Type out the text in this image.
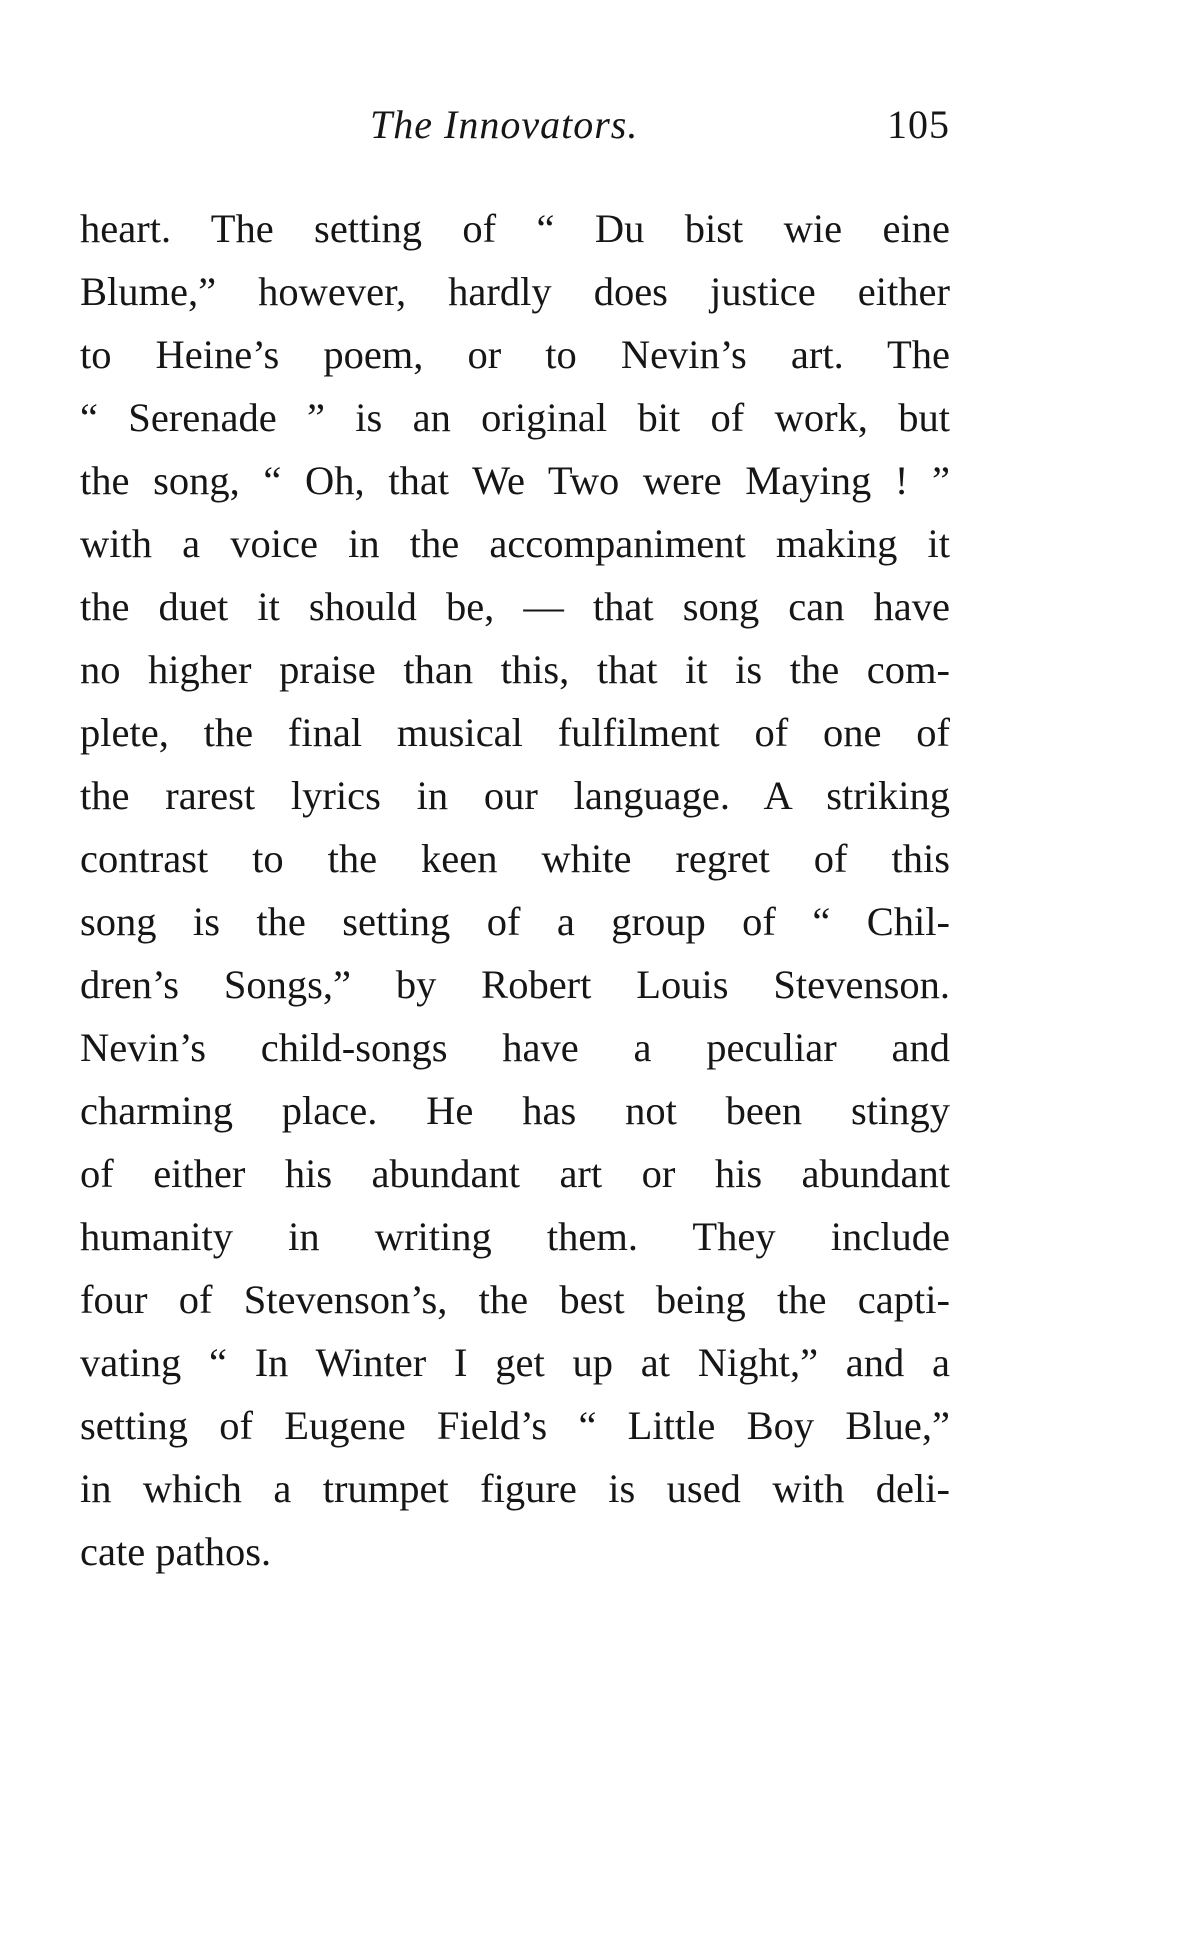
The Innovators.	105
heart. The setting of “ Du bist wie eine
Blume,” however, hardly does justice either
to Heine’s poem, or to Nevin’s art. The
“ Serenade ” is an original bit of work, but
the song, “ Oh, that We Two were Maying ! ”
with a voice in the accompaniment making it
the duet it should be, — that song can have
no higher praise than this, that it is the com-
plete, the final musical fulfilment of one of
the rarest lyrics in our language. A striking
contrast to the keen white regret of this
song is the setting of a group of “ Chil-
dren’s Songs,” by Robert Louis Stevenson.
Nevin’s child-songs have a peculiar and
charming place. He has not been stingy
of either his abundant art or his abundant
humanity in writing them. They include
four of Stevenson’s, the best being the capti-
vating “ In Winter I get up at Night,” and a
setting of Eugene Field’s “ Little Boy Blue,”
in which a trumpet figure is used with deli-
cate pathos.
